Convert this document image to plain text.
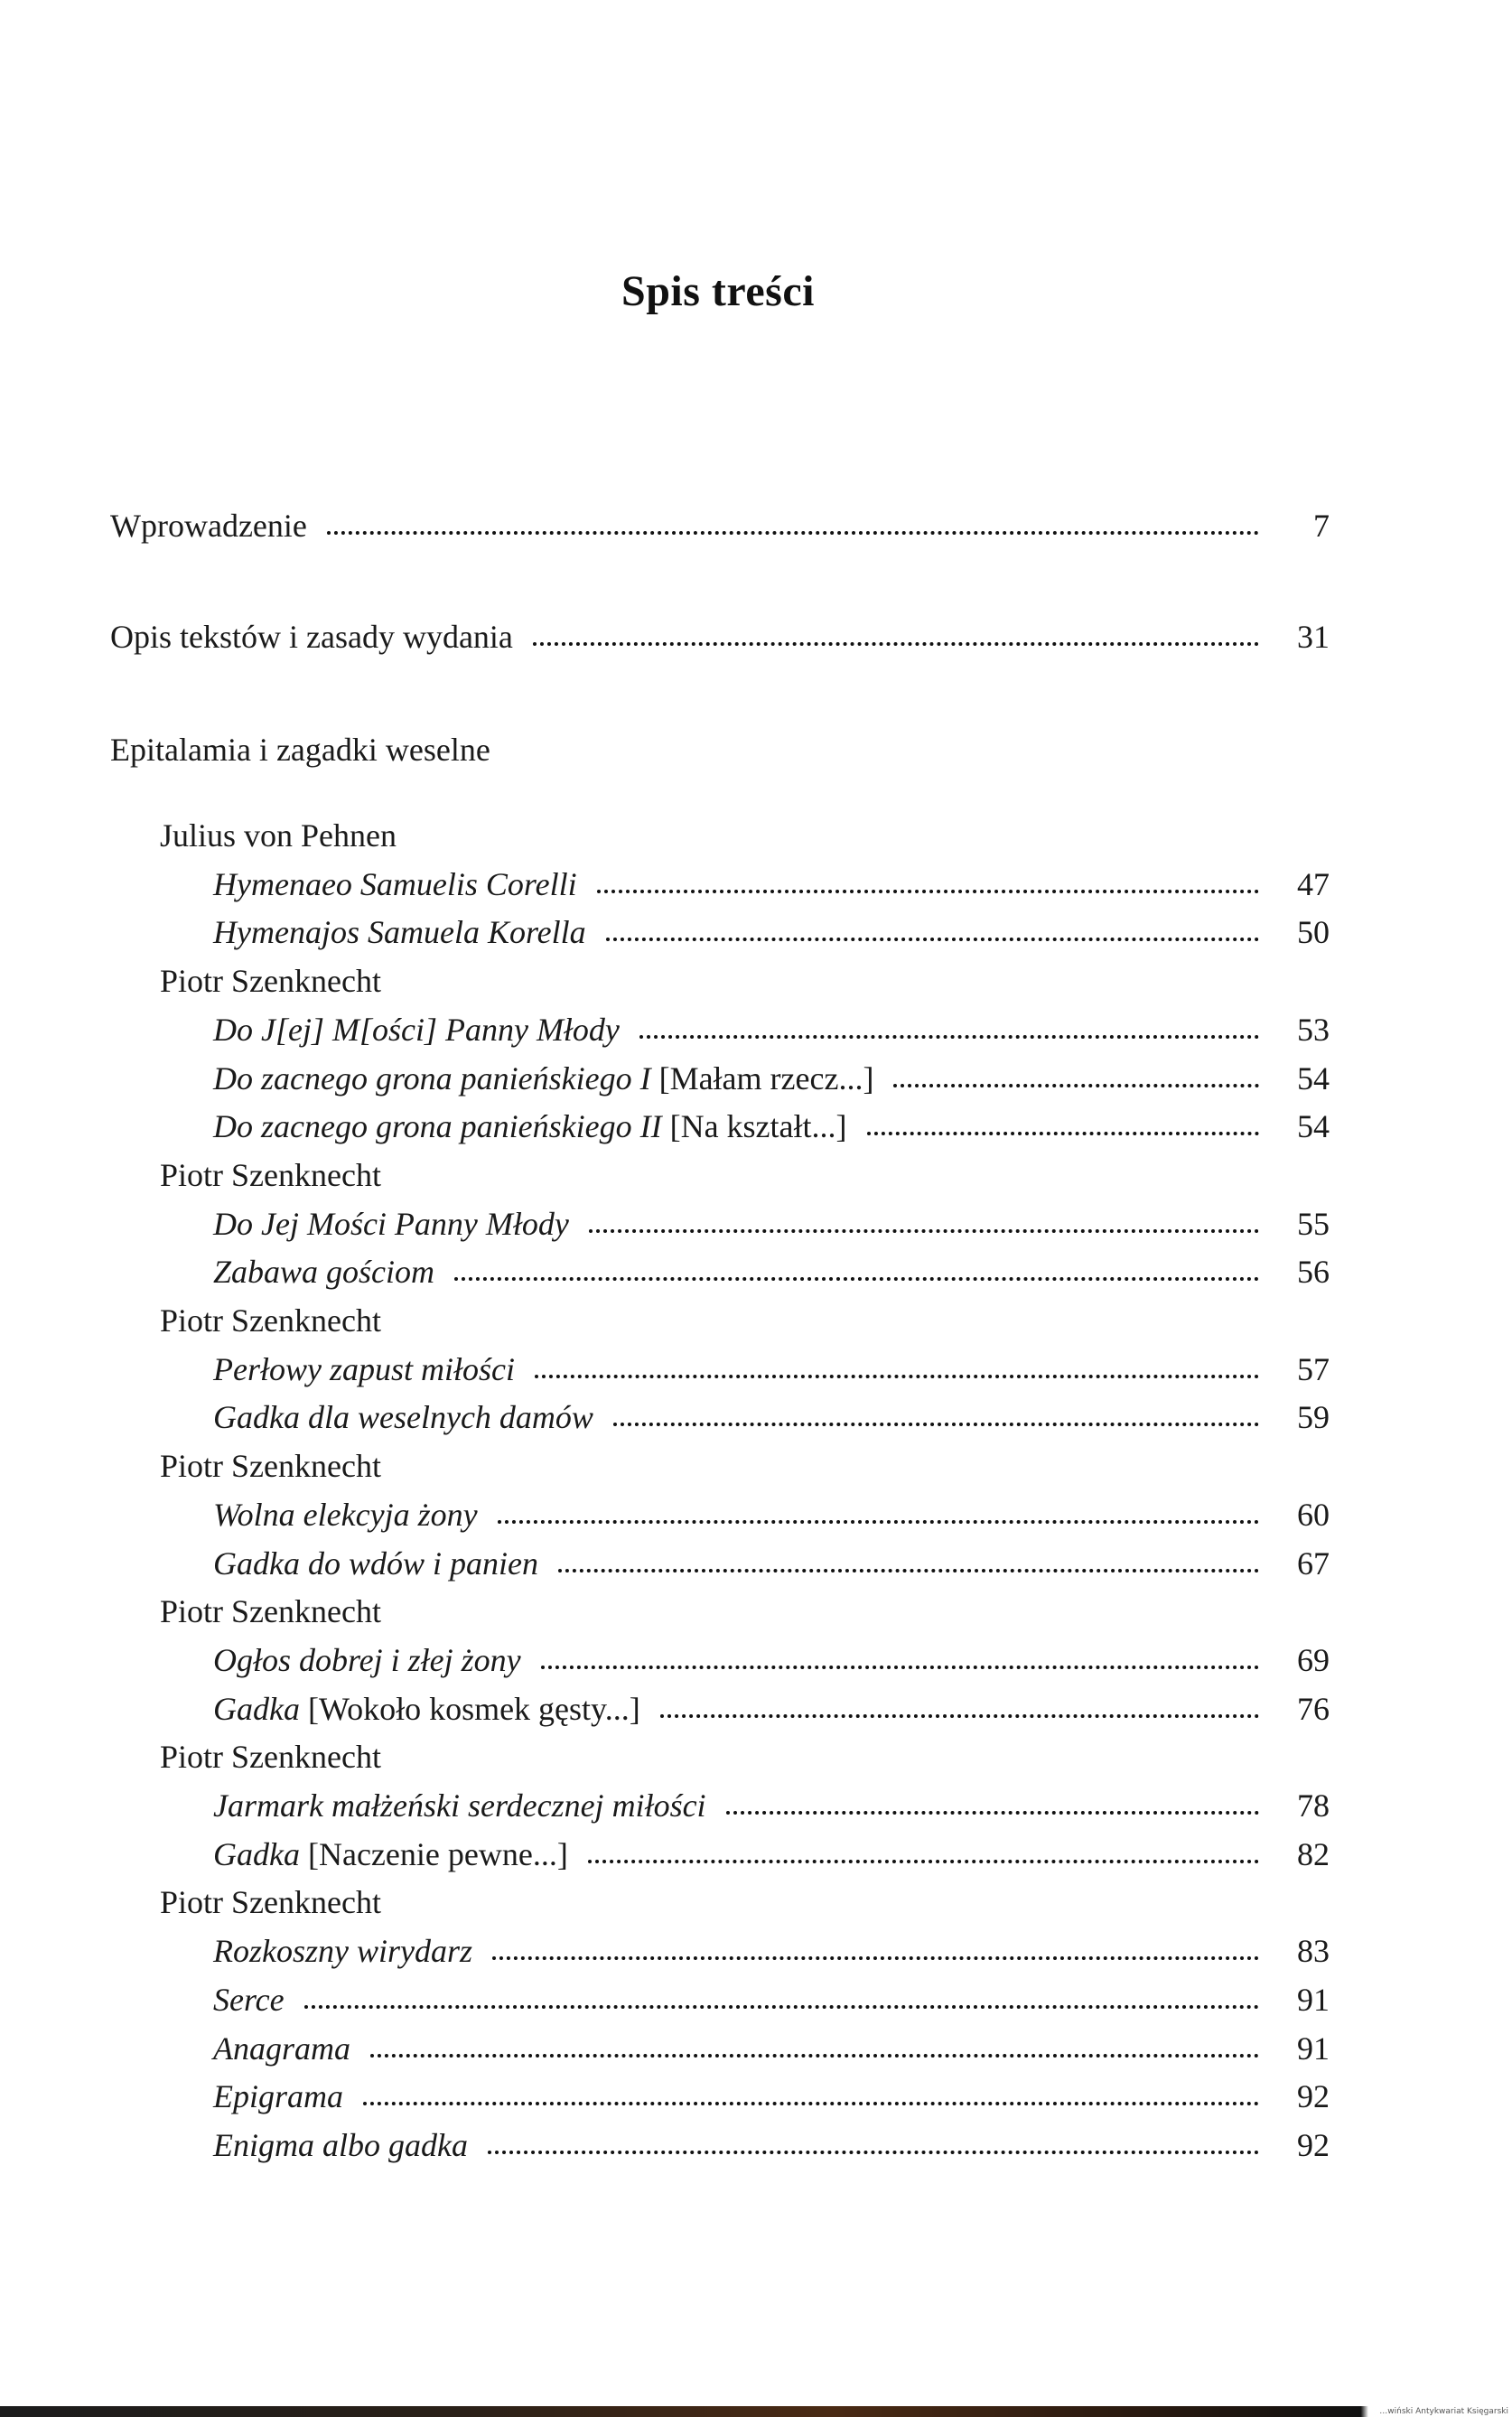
Spis treści
Wprowadzenie	7
Opis tekstów i zasady wydania	31
Epitalamia i zagadki weselne
Julius von Pehnen
Hymenaeo Samuelis Corelli	47
Hymenajos Samuela Korella	50
Piotr Szenknecht
Do J[ej] M[ości] Panny Młody	53
Do zacnego grona panieńskiego I [Małam rzecz...]	54
Do zacnego grona panieńskiego II [Na kształt...]	54
Piotr Szenknecht
Do Jej Mości Panny Młody	55
Zabawa gościom	56
Piotr Szenknecht
Perłowy zapust miłości	57
Gadka dla weselnych damów	59
Piotr Szenknecht
Wolna elekcyja żony	60
Gadka do wdów i panien	67
Piotr Szenknecht
Ogłos dobrej i złej żony	69
Gadka [Wokoło kosmek gęsty...]	76
Piotr Szenknecht
Jarmark małżeński serdecznej miłości	78
Gadka [Naczenie pewne...]	82
Piotr Szenknecht
Rozkoszny wirydarz	83
Serce	91
Anagrama	91
Epigrama	92
Enigma albo gadka	92
…wiński Antykwariat Księgarski
